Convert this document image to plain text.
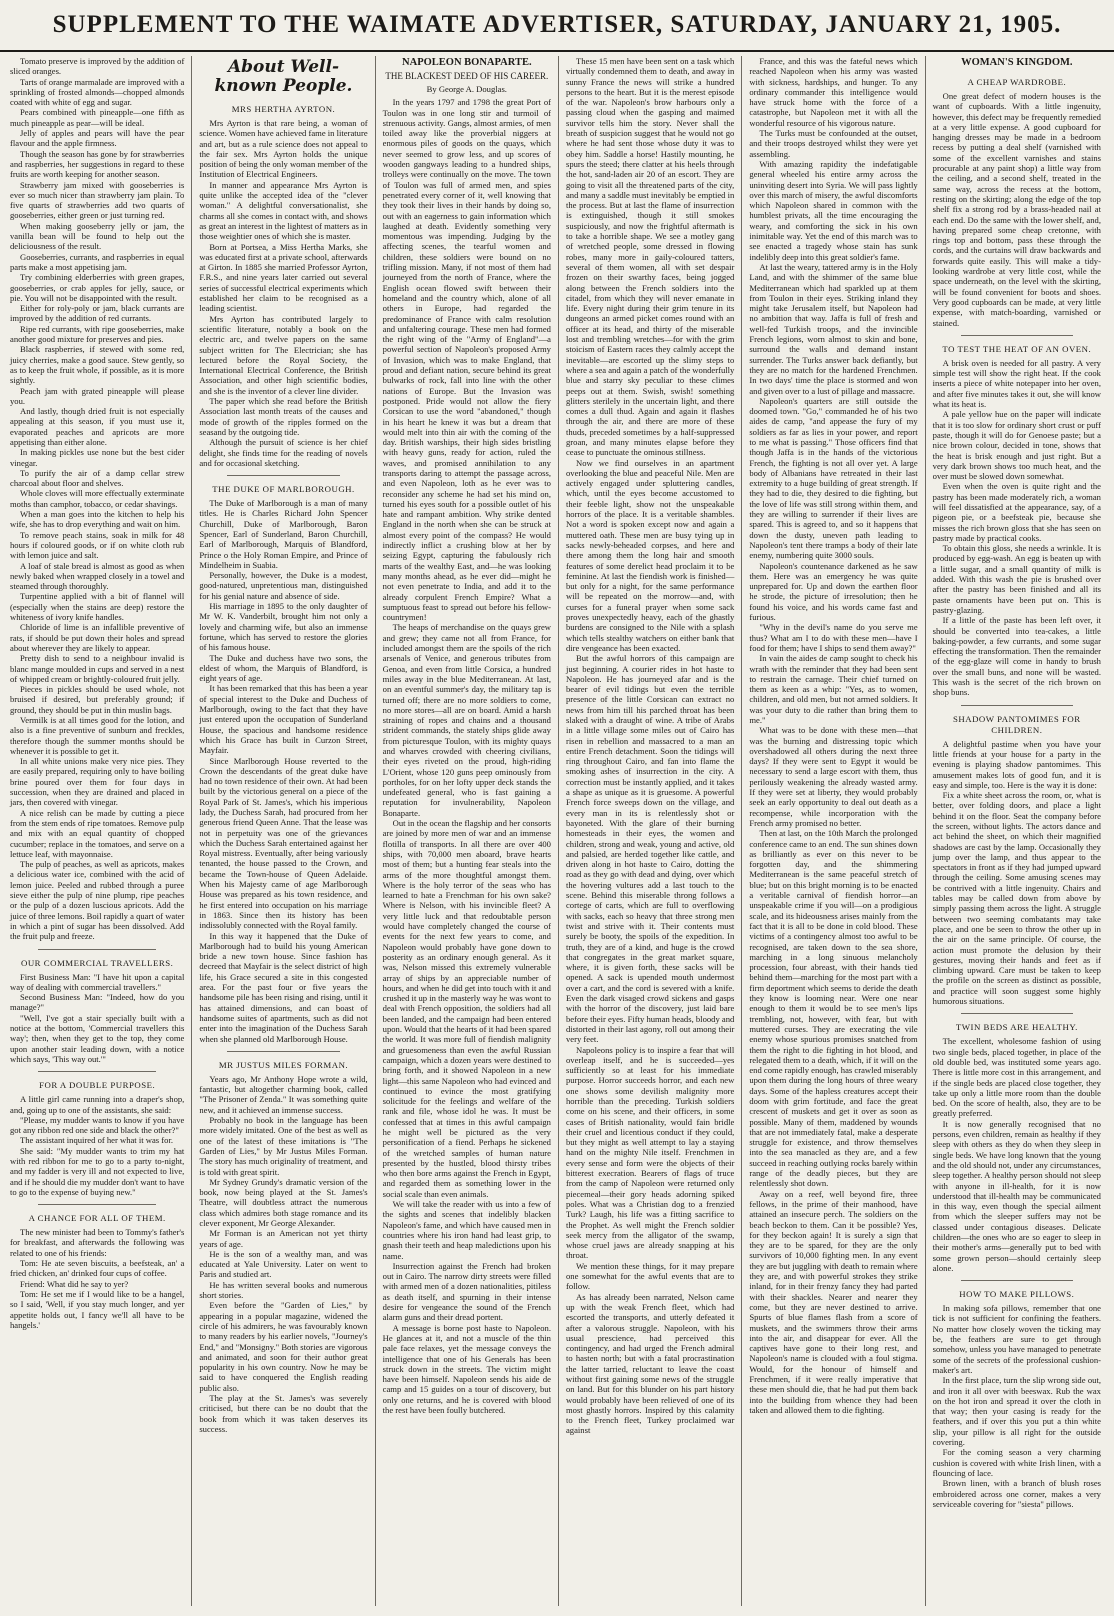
SUPPLEMENT TO THE WAIMATE ADVERTISER, SATURDAY, JANUARY 21, 1905.

Tomato preserve is improved by the addition of sliced oranges.

Tarts of orange marmalade are improved with a sprinkling of frosted almonds—chopped almonds coated with white of egg and sugar.

Pears combined with pineapple—one fifth as much pineapple as pear—will be ideal.

Jelly of apples and pears will have the pear flavour and the apple firmness.

Though the season has gone by for strawberries and raspberries, her suggestions in regard to these fruits are worth keeping for another season.

Strawberry jam mixed with gooseberries is ever so much nicer than strawberry jam plain. To five quarts of strawberries add two quarts of gooseberries, either green or just turning red.

When making gooseberry jelly or jam, the vanilla bean will be found to help out the deliciousness of the result.

Gooseberries, currants, and raspberries in equal parts make a most appetising jam.

Try combining elderberries with green grapes, gooseberries, or crab apples for jelly, sauce, or pie. You will not be disappointed with the result.

Either for roly-poly or jam, black currants are improved by the addition of red currants.

Ripe red currants, with ripe gooseberries, make another good mixture for preserves and pies.

Black raspberries, if stewed with some red, juicy cherries, make a good sauce. Stew gently, so as to keep the fruit whole, if possible, as it is more sightly.

Peach jam with grated pineapple will please you.

And lastly, though dried fruit is not especially appealing at this season, if you must use it, evaporated peaches and apricots are more appetising than either alone.

In making pickles use none but the best cider vinegar.

To purify the air of a damp cellar strew charcoal about floor and shelves.

Whole cloves will more effectually exterminate moths than camphor, tobacco, or cedar shavings.

When a man goes into the kitchen to help his wife, she has to drop everything and wait on him.

To remove peach stains, soak in milk for 48 hours if coloured goods, or if on white cloth rub with lemon juice and salt.

A loaf of stale bread is almost as good as when newly baked when wrapped closely in a towel and steamed through thoroughly.

Turpentine applied with a bit of flannel will (especially when the stains are deep) restore the whiteness of ivory knife handles.

Chloride of lime is an infallible preventive of rats, if should be put down their holes and spread about wherever they are likely to appear.

Pretty dish to send to a neighbour invalid is blanc mange moulded in cups and served in a nest of whipped cream or brightly-coloured fruit jelly.

Pieces in pickles should be used whole, not bruised if desired, but preferably ground; if ground, they should be put in thin muslin bags.

Vermilk is at all times good for the lotion, and also is a fine preventive of sunburn and freckles, therefore though the summer months should be whenever it is possible to get it.

In all white unions make very nice pies. They are easily prepared, requiring only to have boiling brine poured over them for four days in succession, when they are drained and placed in jars, then covered with vinegar.

A nice relish can be made by cutting a piece from the stem ends of ripe tomatoes. Remove pulp and mix with an equal quantity of chopped cucumber; replace in the tomatoes, and serve on a lettuce leaf, with mayonnaise.

The pulp of peaches, as well as apricots, makes a delicious water ice, combined with the acid of lemon juice. Peeled and rubbed through a puree sieve either the pulp of nine plump, ripe peaches or the pulp of a dozen luscious apricots. Add the juice of three lemons. Boil rapidly a quart of water in which a pint of sugar has been dissolved. Add the fruit pulp and freeze.

OUR COMMERCIAL TRAVELLERS.

First Business Man: "I have hit upon a capital way of dealing with commercial travellers."

Second Business Man: "Indeed, how do you manage?"

"Well, I've got a stair specially built with a notice at the bottom, 'Commercial travellers this way'; then, when they get to the top, they come upon another stair leading down, with a notice which says, 'This way out.'"

FOR A DOUBLE PURPOSE.

A little girl came running into a draper's shop, and, going up to one of the assistants, she said:

"Please, my mudder wants to know if you have got any ribbon red one side and black the other?"

The assistant inquired of her what it was for.

She said: "My mudder wants to trim my hat with red ribbon for me to go to a party to-night, and my fadder is very ill and not expected to live, and if he should die my mudder don't want to have to go to the expense of buying new."

A CHANCE FOR ALL OF THEM.

The new minister had been to Tommy's father's for breakfast, and afterwards the following was related to one of his friends:

Tom: He ate seven biscuits, a beefsteak, an' a fried chicken, an' drinked four cups of coffee.

Friend: What did he say to yer?

Tom: He set me if I would like to be a hangel, so I said, 'Well, if you stay much longer, and yer appetite holds out, I fancy we'll all have to be hangels.'

About Well-known People.
MRS HERTHA AYRTON.

Mrs Ayrton is that rare being, a woman of science. Women have achieved fame in literature and art, but as a rule science does not appeal to the fair sex. Mrs Ayrton holds the unique position of being the only woman member of the Institution of Electrical Engineers.

In manner and appearance Mrs Ayrton is quite unlike the accepted idea of the "clever woman." A delightful conversationalist, she charms all she comes in contact with, and shows as great an interest in the lightest of matters as in those weightier ones of which she is master.

Born at Portsea, a Miss Hertha Marks, she was educated first at a private school, afterwards at Girton. In 1885 she married Professor Ayrton, F.R.S., and nine years later carried out several series of successful electrical experiments which established her claim to be recognised as a leading scientist.

Mrs Ayrton has contributed largely to scientific literature, notably a book on the electric arc, and twelve papers on the same subject written for The Electrician; she has lectured before the Royal Society, the International Electrical Conference, the British Association, and other high scientific bodies, and she is the inventor of a clever line divider.

The paper which she read before the British Association last month treats of the causes and mode of growth of the ripples formed on the seasand by the outgoing tide.

Although the pursuit of science is her chief delight, she finds time for the reading of novels and for occasional sketching.

THE DUKE OF MARLBOROUGH.

The Duke of Marlborough is a man of many titles. He is Charles Richard John Spencer Churchill, Duke of Marlborough, Baron Spencer, Earl of Sunderland, Baron Churchill, Earl of Marlborough, Marquis of Blandford, Prince o the Holy Roman Empire, and Prince of Mindelheim in Suabia.

Personally, however, the Duke is a modest, good-natured, unpretentious man, distinguished for his genial nature and absence of side.

His marriage in 1895 to the only daughter of Mr W. K. Vanderbilt, brought him not only a lovely and charming wife, but also an immense fortune, which has served to restore the glories of his famous house.

The Duke and duchess have two sons, the eldest of whom, the Marquis of Blandford, is eight years of age.

It has been remarked that this has been a year of special interest to the Duke and Duchess of Marlborough, owing to the fact that they have just entered upon the occupation of Sunderland House, the spacious and handsome residence which his Grace has built in Curzon Street, Mayfair.

Since Marlborough House reverted to the Crown the descendants of the great duke have had no town residence of their own. At had been built by the victorious general on a piece of the Royal Park of St. James's, which his imperious lady, the Duchess Sarah, had procured from her generous friend Queen Anne. That the lease was not in perpetuity was one of the grievances which the Duchess Sarah entertained against her Royal mistress. Eventually, after being variously tenanted, the house passed to the Crown, and became the Town-house of Queen Adelaide. When his Majesty came of age Marlborough House was prepared as his town residence, and he first entered into occupation on his marriage in 1863. Since then its history has been indissolubly connected with the Royal family.

In this way it happened that the Duke of Marlborough had to build his young American bride a new town house. Since fashion has decreed that Mayfair is the select district of high life, his Grace secured a site in this congested area. For the past four or five years the handsome pile has been rising and rising, until it has attained dimensions, and can boast of handsome suites of apartments, such as did not enter into the imagination of the Duchess Sarah when she planned old Marlborough House.

MR JUSTUS MILES FORMAN.

Years ago, Mr Anthony Hope wrote a wild, fantastic, but altogether charming book, called "The Prisoner of Zenda." It was something quite new, and it achieved an immense success.

Probably no book in the language has been more widely imitated. One of the best as well as one of the latest of these imitations is "The Garden of Lies," by Mr Justus Miles Forman. The story has much originality of treatment, and is told with great spirit.

Mr Sydney Grundy's dramatic version of the book, now being played at the St. James's Theatre, will doubtless attract the numerous class which admires both stage romance and its clever exponent, Mr George Alexander.

Mr Forman is an American not yet thirty years of age.

He is the son of a wealthy man, and was educated at Yale University. Later on went to Paris and studied art.

He has written several books and numerous short stories.

Even before the "Garden of Lies," by appearing in a popular magazine, widened the circle of his admirers, he was favourably known to many readers by his earlier novels, "Journey's End," and "Monsigny." Both stories are vigorous and animated, and soon for their author great popularity in his own country. Now he may be said to have conquered the English reading public also.

The play at the St. James's was severely criticised, but there can be no doubt that the book from which it was taken deserves its success.

NAPOLEON BONAPARTE.
THE BLACKEST DEED OF HIS CAREER.
By George A. Douglas.

In the years 1797 and 1798 the great Port of Toulon was in one long stir and turmoil of strenuous activity. Gangs, almost armies, of men toiled away like the proverbial niggers at enormous piles of goods on the quays, which never seemed to grow less, and up scores of wooden gangways leading to a hundred ships, trolleys were continually on the move. The town of Toulon was full of armed men, and spies penetrated every corner of it, well knowing that they took their lives in their hands by doing so, out with an eagerness to gain information which laughed at death. Evidently something very momentous was impending. Judging by the affecting scenes, the tearful women and children, these soldiers were bound on no trifling mission. Many, if not most of them had journeyed from the north of France, where the English ocean flowed swift between their homeland and the country which, alone of all others in Europe, had regarded the predominance of France with calm resolution and unfaltering courage. These men had formed the right wing of the "Army of England"—a powerful section of Napoleon's proposed Army of Invasion, which was to make England, that proud and defiant nation, secure behind its great bulwarks of rock, fall into line with the other nations of Europe. But the Invasion was postponed. Pride would not allow the fiery Corsican to use the word "abandoned," though in his heart he knew it was but a dream that would melt into thin air with the coming of the day. British warships, their high sides bristling with heavy guns, ready for action, ruled the waves, and promised annihilation to any transports daring to attempt the passage across, and even Napoleon, loth as he ever was to reconsider any scheme he had set his mind on, turned his eyes south for a possible outlet of his hate and rampant ambition. Why strike dented England in the north when she can be struck at almost every point of the compass? He would indirectly inflict a crushing blow at her by seizing Egypt, capturing the fabulously rich marts of the wealthy East, and—he was looking many months ahead, as he ever did—might he not even penetrate to India, and add it to the already corpulent French Empire? What a sumptuous feast to spread out before his fellow-countrymen!

The heaps of merchandise on the quays grew and grew; they came not all from France, for included amongst them are the spoils of the rich arsenals of Venice, and generous tributes from Genoa, and even from little Corsica, a hundred miles away in the blue Mediterranean. At last, on an eventful summer's day, the military tap is turned off; there are no more soldiers to come, no more stores—all are on board. Amid a harsh straining of ropes and chains and a thousand strident commands, the stately ships glide away from picturesque Toulon, with its mighty quays and wharves crowded with cheering civilians, their eyes riveted on the proud, high-riding L'Orient, whose 120 guns peep ominously from portholes, for on her lofty upper deck stands the undefeated general, who is fast gaining a reputation for invulnerability, Napoleon Bonaparte.

Out in the ocean the flagship and her consorts are joined by more men of war and an immense flotilla of transports. In all there are over 400 ships, with 70,000 men aboard, brave hearts most of them; but a hunting fear steals into the arms of the more thoughtful amongst them. Where is the holy terror of the seas who has learned to hate a Frenchman for his own sake? Where is Nelson, with his invincible fleet? A very little luck and that redoubtable person would have completely changed the course of events for the next few years to come, and Napoleon would probably have gone down to posterity as an ordinary enough general. As it was, Nelson missed this extremely vulnerable array of ships by an appreciable number of hours, and when he did get into touch with it and crushed it up in the masterly way he was wont to deal with French opposition, the soldiers had all been landed, and the campaign had been entered upon. Would that the hearts of it had been spared the world. It was more full of fiendish malignity and gruesomeness than even the awful Russian campaign, which a dozen years were destined to bring forth, and it showed Napoleon in a new light—this same Napoleon who had evinced and continued to evince the most gratifying solicitude for the feelings and welfare of the rank and file, whose idol he was. It must be confessed that at times in this awful campaign he might well be pictured as the very personification of a fiend. Perhaps he sickened of the wretched samples of human nature presented by the hustled, blood thirsty tribes who then bore arms against the French in Egypt, and regarded them as something lower in the social scale than even animals.

We will take the reader with us into a few of the sights and scenes that indelibly blacken Napoleon's fame, and which have caused men in countries where his iron hand had least grip, to gnash their teeth and heap maledictions upon his name.

Insurrection against the French had broken out in Cairo. The narrow dirty streets were filled with armed men of a dozen nationalities, pitiless as death itself, and spurning in their intense desire for vengeance the sound of the French alarm guns and their dread portent.

A message is borne post haste to Napoleon. He glances at it, and not a muscle of the thin pale face relaxes, yet the message conveys the intelligence that one of his Generals has been struck down in the streets. The victim might have been himself. Napoleon sends his aide de camp and 15 guides on a tour of discovery, but only one returns, and he is covered with blood the rest have been foully butchered.

These 15 men have been sent on a task which virtually condemned them to death, and away in sunny France the news will strike a hundred persons to the heart. But it is the merest episode of the war. Napoleon's brow harbours only a passing cloud when the gasping and maimed survivor tells him the story. Never shall the breath of suspicion suggest that he would not go where he had sent those whose duty it was to obey him. Saddle a horse! Hastily mounting, he spurs the steed; there clatter at his heels through the hot, sand-laden air 20 of an escort. They are going to visit all the threatened parts of the city, and many a saddle must inevitably be emptied in the process. But at last the flame of insurrection is extinguished, though it still smokes suspiciously, and now the frightful aftermath is to take a horrible shape. We see a motley gang of wretched people, some dressed in flowing robes, many more in gaily-coloured tatters, several of them women, all with set despair frozen on their swarthy faces, being jogged along between the French soldiers into the citadel, from which they will never emanate in life. Every night during their grim tenure in its dungeons an armed picket comes round with an officer at its head, and thirty of the miserable lost and trembling wretches—for with the grim stoicism of Eastern races they calmly accept the inevitable—are escorted up the slimy steps to where a sea and again a patch of the wonderfully blue and starry sky peculiar to these climes peeps out at them. Swish, swish! something glitters sterilely in the uncertain light, and there comes a dull thud. Again and again it flashes through the air, and there are more of these thuds, preceded sometimes by a half-suppressed groan, and many minutes elapse before they cease to punctuate the ominous stillness.

Now we find ourselves in an apartment overlooking the blue and peaceful Nile. Men are actively engaged under spluttering candles, which, until the eyes become accustomed to their feeble light, show not the unspeakable horrors of the place. It is a veritable shambles. Not a word is spoken except now and again a muttered oath. These men are busy tying up in sacks newly-beheaded corpses, and here and there among them the long hair and smooth features of some derelict head proclaim it to be feminine. At last the fiendish work is finished—but only for a night, for the same performance will be repeated on the morrow—and, with curses for a funeral prayer when some sack proves unexpectedly heavy, each of the ghastly burdens are consigned to the Nile with a splash which tells stealthy watchers on either bank that dire vengeance has been exacted.

But the awful horrors of this campaign are just beginning. A courier rides in hot haste to Napoleon. He has journeyed afar and is the bearer of evil tidings but even the terrible presence of the little Corsican can extract no news from him till his parched throat has been slaked with a draught of wine. A tribe of Arabs in a little village some miles out of Cairo has risen in rebellion and massacred to a man an entire French detachment. Soon the tidings will ring throughout Cairo, and fan into flame the smoking ashes of insurrection in the city. A correction must be instantly applied, and it takes a shape as unique as it is gruesome. A powerful French force sweeps down on the village, and every man in its is relentlessly shot or bayoneted. With the glare of their burning homesteads in their eyes, the women and children, strong and weak, young and active, old and palsied, are herded together like cattle, and driven along in hot haste to Cairo, dotting the road as they go with dead and dying, over which the hovering vultures add a last touch to the scene. Behind this miserable throng follows a cortege of carts, which are full to overflowing with sacks, each so heavy that three strong men twist and strive with it. Their contents must surely be booty, the spoils of the expedition. In truth, they are of a kind, and huge is the crowd that congregates in the great market square, where, it is given forth, these sacks will be opened. A sack is upended mouth undermost over a cart, and the cord is severed with a knife. Even the dark visaged crowd sickens and gasps with the horror of the discovery, just laid bare before their eyes. Fifty human heads, bloody and distorted in their last agony, roll out among their very feet.

Napoleons policy is to inspire a fear that will overleap itself, and he is succeeded—yes sufficiently so at least for his immediate purpose. Horror succeeds horror, and each new one shows some devilish malignity more horrible than the preceding. Turkish soldiers come on his scene, and their officers, in some cases of British nationality, would fain bridle their cruel and licentious conduct if they could, but they might as well attempt to lay a staying hand on the mighty Nile itself. Frenchmen in every sense and form were the objects of their bitterest execration. Bearers of flags of truce from the camp of Napoleon were returned only piecemeal—their gory heads adorning spiked poles. What was a Christian dog to a frenzied Turk? Laugh, his life was a fitting sacrifice to the Prophet. As well might the French soldier seek mercy from the alligator of the swamp, whose cruel jaws are already snapping at his throat.

We mention these things, for it may prepare one somewhat for the awful events that are to follow.

As has already been narrated, Nelson came up with the weak French fleet, which had escorted the transports, and utterly defeated it after a valorous struggle. Napoleon, with his usual prescience, had perceived this contingency, and had urged the French admiral to hasten north; but with a fatal procrastination the latter tarried, reluctant to leave the coast without first gaining some news of the struggle on land. But for this blunder on his part history would probably have been relieved of one of its most ghastly horrors. Inspired by this calamity to the French fleet, Turkey proclaimed war against

France, and this was the fateful news which reached Napoleon when his army was wasted with sickness, hardships, and hunger. To any ordinary commander this intelligence would have struck home with the force of a catastrophe, but Napoleon met it with all the wonderful resource of his vigorous nature.

The Turks must be confounded at the outset, and their troops destroyed whilst they were yet assembling.

With amazing rapidity the indefatigable general wheeled his entire army across the uninviting desert into Syria. We will pass lightly over this march of misery, the awful discomforts which Napoleon shared in common with the humblest privats, all the time encouraging the weary, and comforting the sick in his own inimitable way. Yet the end of this march was to see enacted a tragedy whose stain has sunk indelibly deep into this great soldier's fame.

At last the weary, tattered army is in the Holy Land, and with the shimmer of the same blue Mediterranean which had sparkled up at them from Toulon in their eyes. Striking inland they might take Jerusalem itself, but Napoleon had no ambition that way. Jaffa is full of fresh and well-fed Turkish troops, and the invincible French legions, worn almost to skin and bone, surround the walls and demand instant surrender. The Turks answer back defiantly, but they are no match for the hardened Frenchmen. In two days' time the place is stormed and won and given over to a lust of pillage and massacre.

Napoleon's quarters are still outside the doomed town. "Go," commanded he of his two aides de camp, "and appease the fury of my soldiers as far as lies in your power, and report to me what is passing." Those officers find that though Jaffa is in the hands of the victorious French, the fighting is not all over yet. A large body of Albanians have retreated in their last extremity to a huge building of great strength. If they had to die, they desired to die fighting, but the love of life was still strong within them, and they are willing to surrender if their lives are spared. This is agreed to, and so it happens that down the dusty, uneven path leading to Napoleon's tent there tramps a body of their late enemy, numbering quite 3000 souls.

Napoleon's countenance darkened as he saw them. Here was an emergency he was quite unprepared for. Up and down the earthen floor he strode, the picture of irresolution; then he found his voice, and his words came fast and furious.

"Why in the devil's name do you serve me thus? What am I to do with these men—have I food for them; have I ships to send them away?"

In vain the aides de camp sought to check his wrath with the reminder that they had been sent to restrain the carnage. Their chief turned on them as keen as a whip: "Yes, as to women, children, and old men, but not armed soldiers. It was your duty to die rather than bring them to me."

What was to be done with these men—that was the burning and distressing topic which overshadowed all others during the next three days? If they were sent to Egypt it would be necessary to send a large escort with them, thus perilously weakening the already wasted army. If they were set at liberty, they would probably seek an early opportunity to deal out death as a recompense, while incorporation with the French army promised no better.

Then at last, on the 10th March the prolonged conference came to an end. The sun shines down as brilliantly as ever on this never to be forgotten day, and the shimmering Mediterranean is the same peaceful stretch of blue; but on this bright morning is to be enacted a veritable carnival of fiendish horror—an unspeakable crime if you will—on a prodigious scale, and its hideousness arises mainly from the fact that it is all to be done in cold blood. These victims of a contingency almost too awful to be recognised, are taken down to the sea shore, marching in a long sinuous melancholy procession, four abreast, with their hands tied behind them—marching for the most part with a firm deportment which seems to deride the death they know is looming near. Were one near enough to them it would be to see men's lips trembling, not, however, with fear, but with muttered curses. They are execrating the vile enemy whose spurious promises snatched from them the right to die fighting in hot blood, and relegated them to a death, which, if it will on the end come rapidly enough, has crawled miserably upon them during the long hours of three weary days. Some of the hapless creatures accept their doom with grim fortitude, and face the great crescent of muskets and get it over as soon as possible. Many of them, maddened by wounds that are not immediately fatal, make a desperate struggle for existence, and throw themselves into the sea manacled as they are, and a few succeed in reaching outlying rocks barely within range of the deadly pieces, but they are relentlessly shot down.

Away on a reef, well beyond fire, three fellows, in the prime of their manhood, have attained an insecure perch. The soldiers on the beach beckon to them. Can it be possible? Yes, for they beckon again! It is surely a sign that they are to be spared, for they are the only survivors of 10,000 fighting men. In any event they are but juggling with death to remain where they are, and with powerful strokes they strike inland, for in their frenzy fancy they had parted with their shackles. Nearer and nearer they come, but they are never destined to arrive. Spurts of blue flames flash from a score of muskets, and the swimmers throw their arms into the air, and disappear for ever. All the captives have gone to their long rest, and Napoleon's name is clouded with a foul stigma. Would, for the honour of himself and Frenchmen, if it were really imperative that these men should die, that he had put them back into the building from whence they had been taken and allowed them to die fighting.

WOMAN'S KINGDOM.
A CHEAP WARDROBE.

One great defect of modern houses is the want of cupboards. With a little ingenuity, however, this defect may be frequently remedied at a very little expense. A good cupboard for hanging dresses may be made in a bedroom recess by putting a deal shelf (varnished with some of the excellent varnishes and stains procurable at any paint shop) a little way from the ceiling, and a second shelf, treated in the same way, across the recess at the bottom, resting on the skirting; along the edge of the top shelf fix a strong rod by a brass-headed nail at each end. Do the same with the lower shelf, and, having prepared some cheap cretonne, with rings top and bottom, pass these through the cords, and the curtains will draw backwards and forwards quite easily. This will make a tidy-looking wardrobe at very little cost, while the space underneath, on the level with the skirting, will be found convenient for boots and shoes. Very good cupboards can be made, at very little expense, with match-boarding, varnished or stained.

TO TEST THE HEAT OF AN OVEN.

A brisk oven is needed for all pastry. A very simple test will show the right heat. If the cook inserts a piece of white notepaper into her oven, and after five minutes takes it out, she will know what its heat is.

A pale yellow hue on the paper will indicate that it is too slow for ordinary short crust or puff paste, though it will do for Genoese paste; but a nice brown colour, decided in tone, shows that the heat is brisk enough and just right. But a very dark brown shows too much heat, and the over must be slowed down somewhat.

Even when the oven is quite right and the pastry has been made moderately rich, a woman will feel dissatisfied at the appearance, say, of a pigeon pie, or a beefsteak pie, because she misses the rich brown gloss that she has seen on pastry made by practical cooks.

To obtain this gloss, she needs a wrinkle. It is produced by egg-wash. An egg is beaten up with a little sugar, and a small quantity of milk is added. With this wash the pie is brushed over after the pastry has been finished and all its paste ornaments have been put on. This is pastry-glazing.

If a little of the paste has been left over, it should be converted into tea-cakes, a little baking-powder, a few currants, and some sugar effecting the transformation. Then the remainder of the egg-glaze will come in handy to brush over the small buns, and none will be wasted. This wash is the secret of the rich brown on shop buns.

SHADOW PANTOMIMES FOR CHILDREN.

A delightful pastime when you have your little friends at your house for a party in the evening is playing shadow pantomimes. This amusement makes lots of good fun, and it is easy and simple, too. Here is the way it is done:

Fix a white sheet across the room, or, what is better, over folding doors, and place a light behind it on the floor. Seat the company before the screen, without lights. The actors dance and act behind the sheet, on which their magnified shadows are cast by the lamp. Occasionally they jump over the lamp, and thus appear to the spectators in front as if they had jumped upward through the ceiling. Some amusing scenes may be contrived with a little ingenuity. Chairs and tables may be called down from above by simply passing them across the light. A struggle between two seeming combatants may take place, and one be seen to throw the other up in the air on the same principle. Of course, the action must promote the delusion by their gestures, moving their hands and feet as if climbing upward. Care must be taken to keep the profile on the screen as distinct as possible, and practice will soon suggest some highly humorous situations.

TWIN BEDS ARE HEALTHY.

The excellent, wholesome fashion of using two single beds, placed together, in place of the old double bed, was instituted some years ago. There is little more cost in this arrangement, and if the single beds are placed close together, they take up only a little more room than the double bed. On the score of health, also, they are to be greatly preferred.

It is now generally recognised that no persons, even children, remain as healthy if they sleep with others as they do when they sleep in single beds. We have long known that the young and the old should not, under any circumstances, sleep together. A healthy person should not sleep with anyone in ill-health, for it is now understood that ill-health may be communicated in this way, even though the special ailment from which the sleeper suffers may not be classed under contagious diseases. Delicate children—the ones who are so eager to sleep in their mother's arms—generally put to bed with some grown person—should certainly sleep alone.

HOW TO MAKE PILLOWS.

In making sofa pillows, remember that one tick is not sufficient for confining the feathers. No matter how closely woven the ticking may be, the feathers are sure to get through somehow, unless you have managed to penetrate some of the secrets of the professional cushion-maker's art.

In the first place, turn the slip wrong side out, and iron it all over with beeswax. Rub the wax on the hot iron and spread it over the cloth in that way; then your casing is ready for the feathers, and if over this you put a thin white slip, your pillow is all right for the outside covering.

For the coming season a very charming cushion is covered with white Irish linen, with a flouncing of lace.

Brown linen, with a branch of blush roses embroidered across one corner, makes a very serviceable covering for "siesta" pillows.
